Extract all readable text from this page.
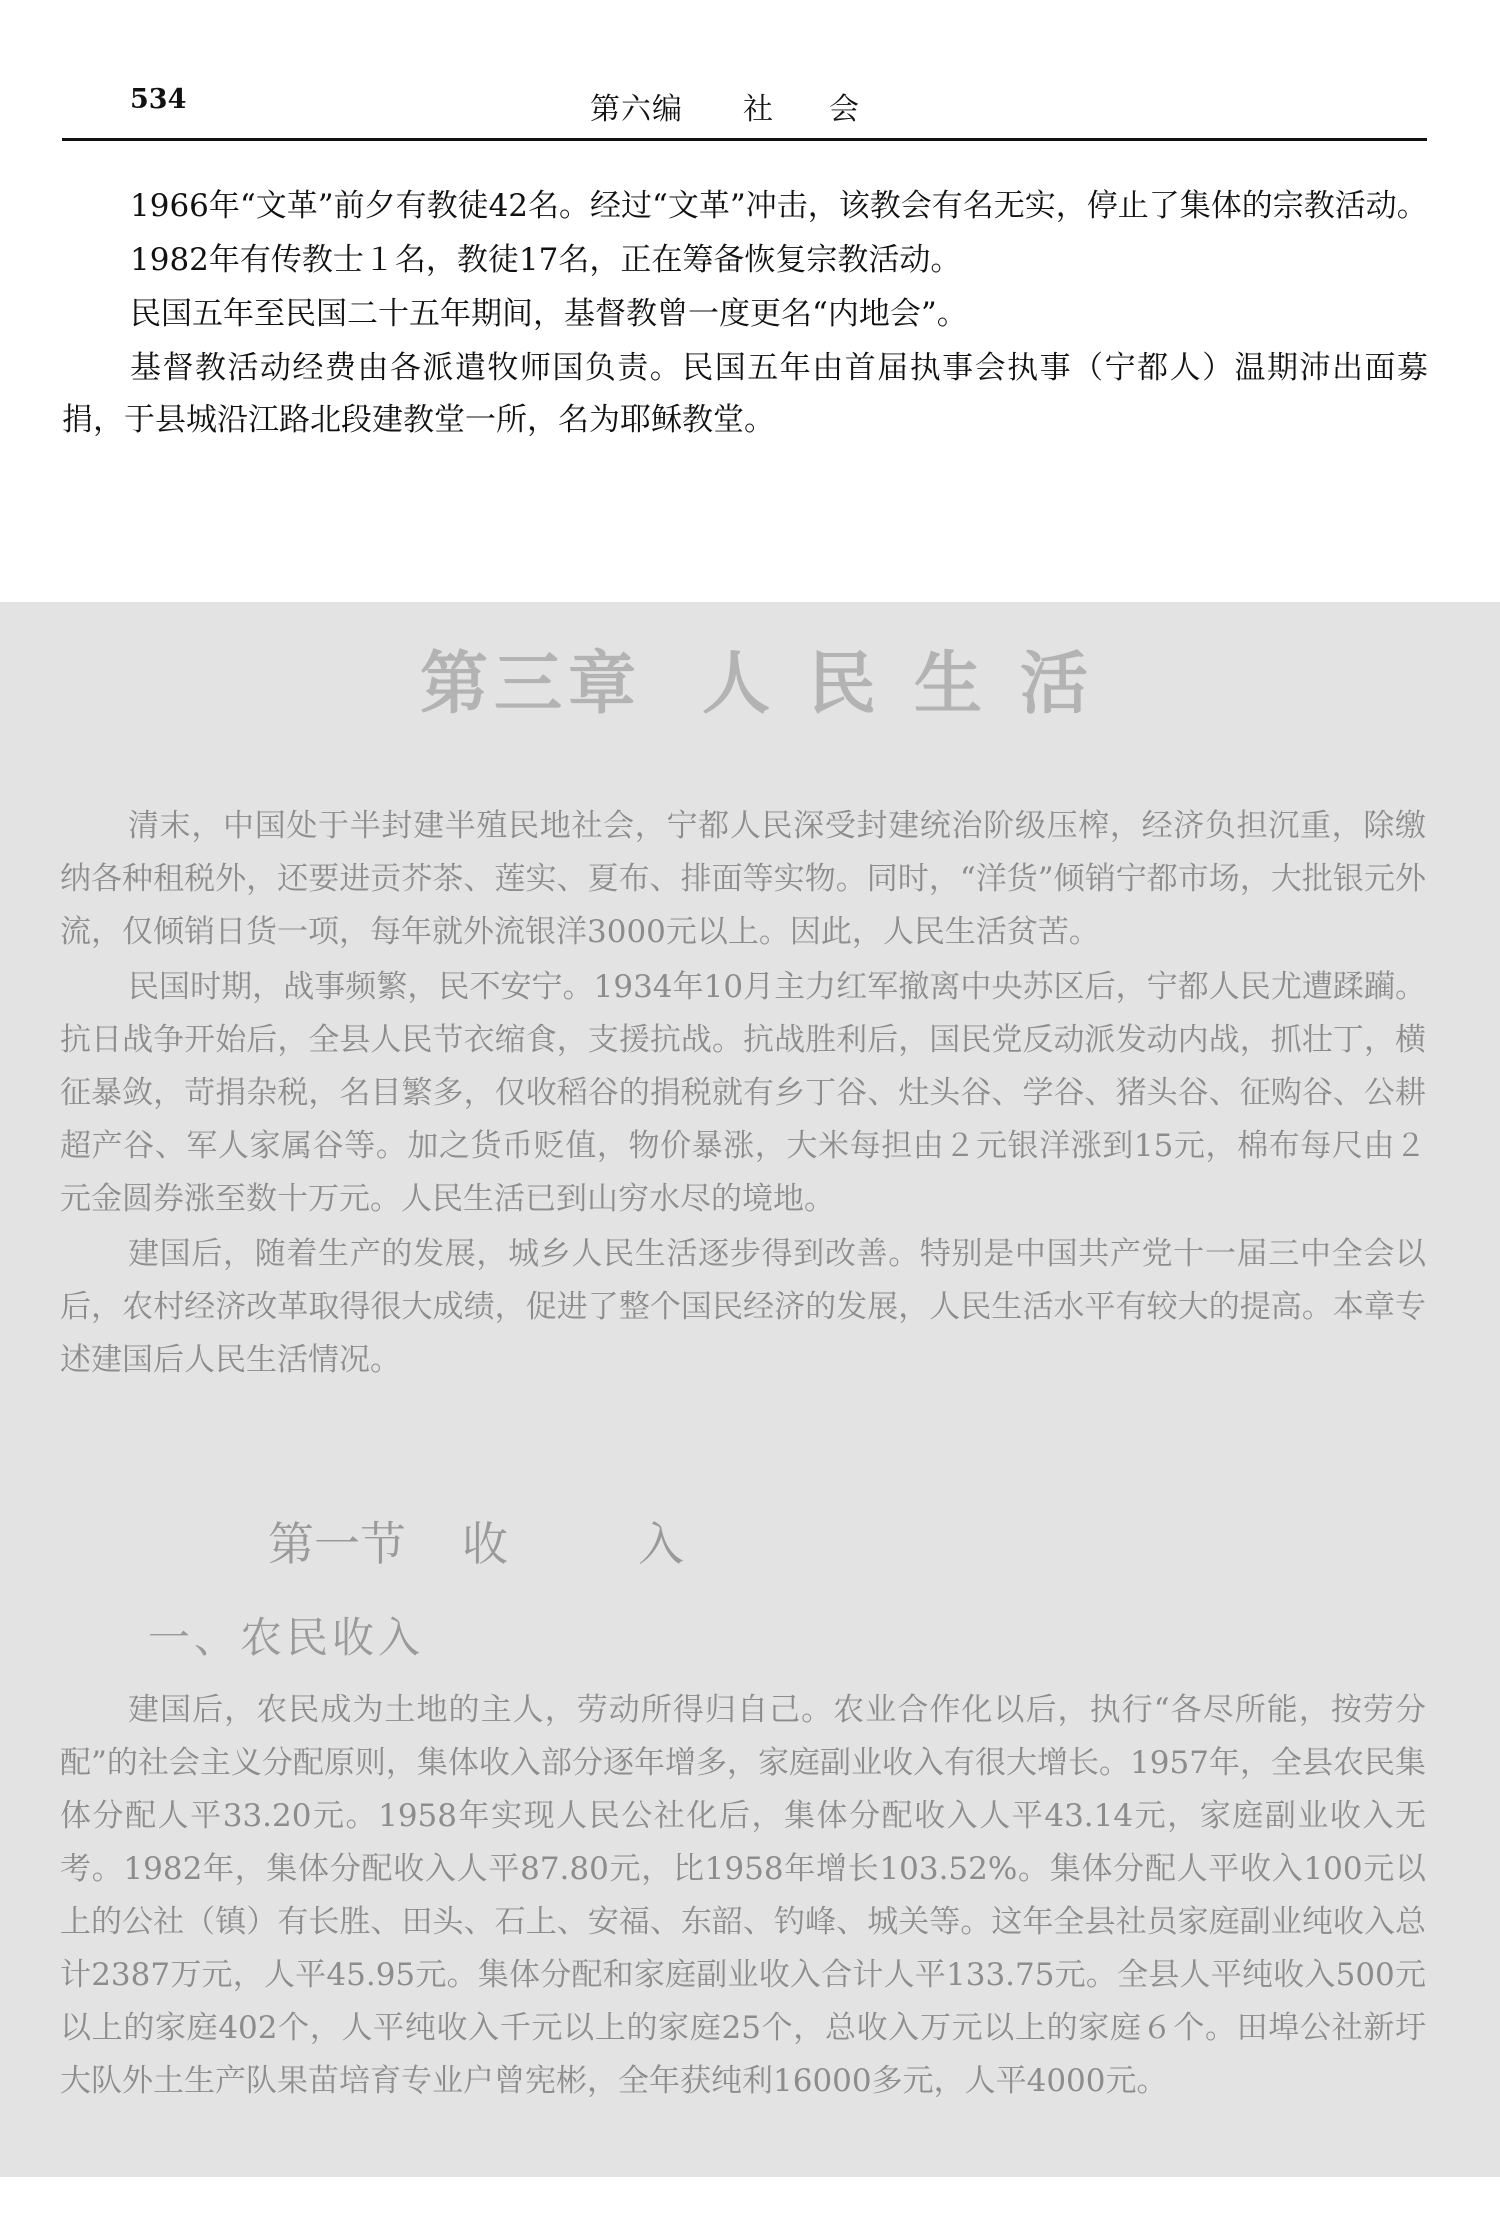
534	第六编 社会

1966年“文革”前夕有教徒42名。经过“文革”冲击，该教会有名无实，停止了集体的宗教活动。

1982年有传教士１名，教徒17名，正在筹备恢复宗教活动。

民国五年至民国二十五年期间，基督教曾一度更名“内地会”。

基督教活动经费由各派遣牧师国负责。民国五年由首届执事会执事（宁都人）温期沛出面募捐，于县城沿江路北段建教堂一所，名为耶稣教堂。

第三章 人民生活

清末，中国处于半封建半殖民地社会，宁都人民深受封建统治阶级压榨，经济负担沉重，除缴纳各种租税外，还要进贡芥茶、莲实、夏布、排面等实物。同时，“洋货”倾销宁都市场，大批银元外流，仅倾销日货一项，每年就外流银洋3000元以上。因此，人民生活贫苦。

民国时期，战事频繁，民不安宁。1934年10月主力红军撤离中央苏区后，宁都人民尤遭蹂躏。抗日战争开始后，全县人民节衣缩食，支援抗战。抗战胜利后，国民党反动派发动内战，抓壮丁，横征暴敛，苛捐杂税，名目繁多，仅收稻谷的捐税就有乡丁谷、灶头谷、学谷、猪头谷、征购谷、公耕超产谷、军人家属谷等。加之货币贬值，物价暴涨，大米每担由２元银洋涨到15元，棉布每尺由２元金圆券涨至数十万元。人民生活已到山穷水尽的境地。

建国后，随着生产的发展，城乡人民生活逐步得到改善。特别是中国共产党十一届三中全会以后，农村经济改革取得很大成绩，促进了整个国民经济的发展，人民生活水平有较大的提高。本章专述建国后人民生活情况。

第一节 收入
一、农民收入

建国后，农民成为土地的主人，劳动所得归自己。农业合作化以后，执行“各尽所能，按劳分配”的社会主义分配原则，集体收入部分逐年增多，家庭副业收入有很大增长。1957年，全县农民集体分配人平33.20元。1958年实现人民公社化后，集体分配收入人平43.14元，家庭副业收入无考。1982年，集体分配收入人平87.80元，比1958年增长103.52%。集体分配人平收入100元以上的公社（镇）有长胜、田头、石上、安福、东韶、钓峰、城关等。这年全县社员家庭副业纯收入总计2387万元，人平45.95元。集体分配和家庭副业收入合计人平133.75元。全县人平纯收入500元以上的家庭402个，人平纯收入千元以上的家庭25个，总收入万元以上的家庭６个。田埠公社新圩大队外土生产队果苗培育专业户曾宪彬，全年获纯利16000多元，人平4000元。
